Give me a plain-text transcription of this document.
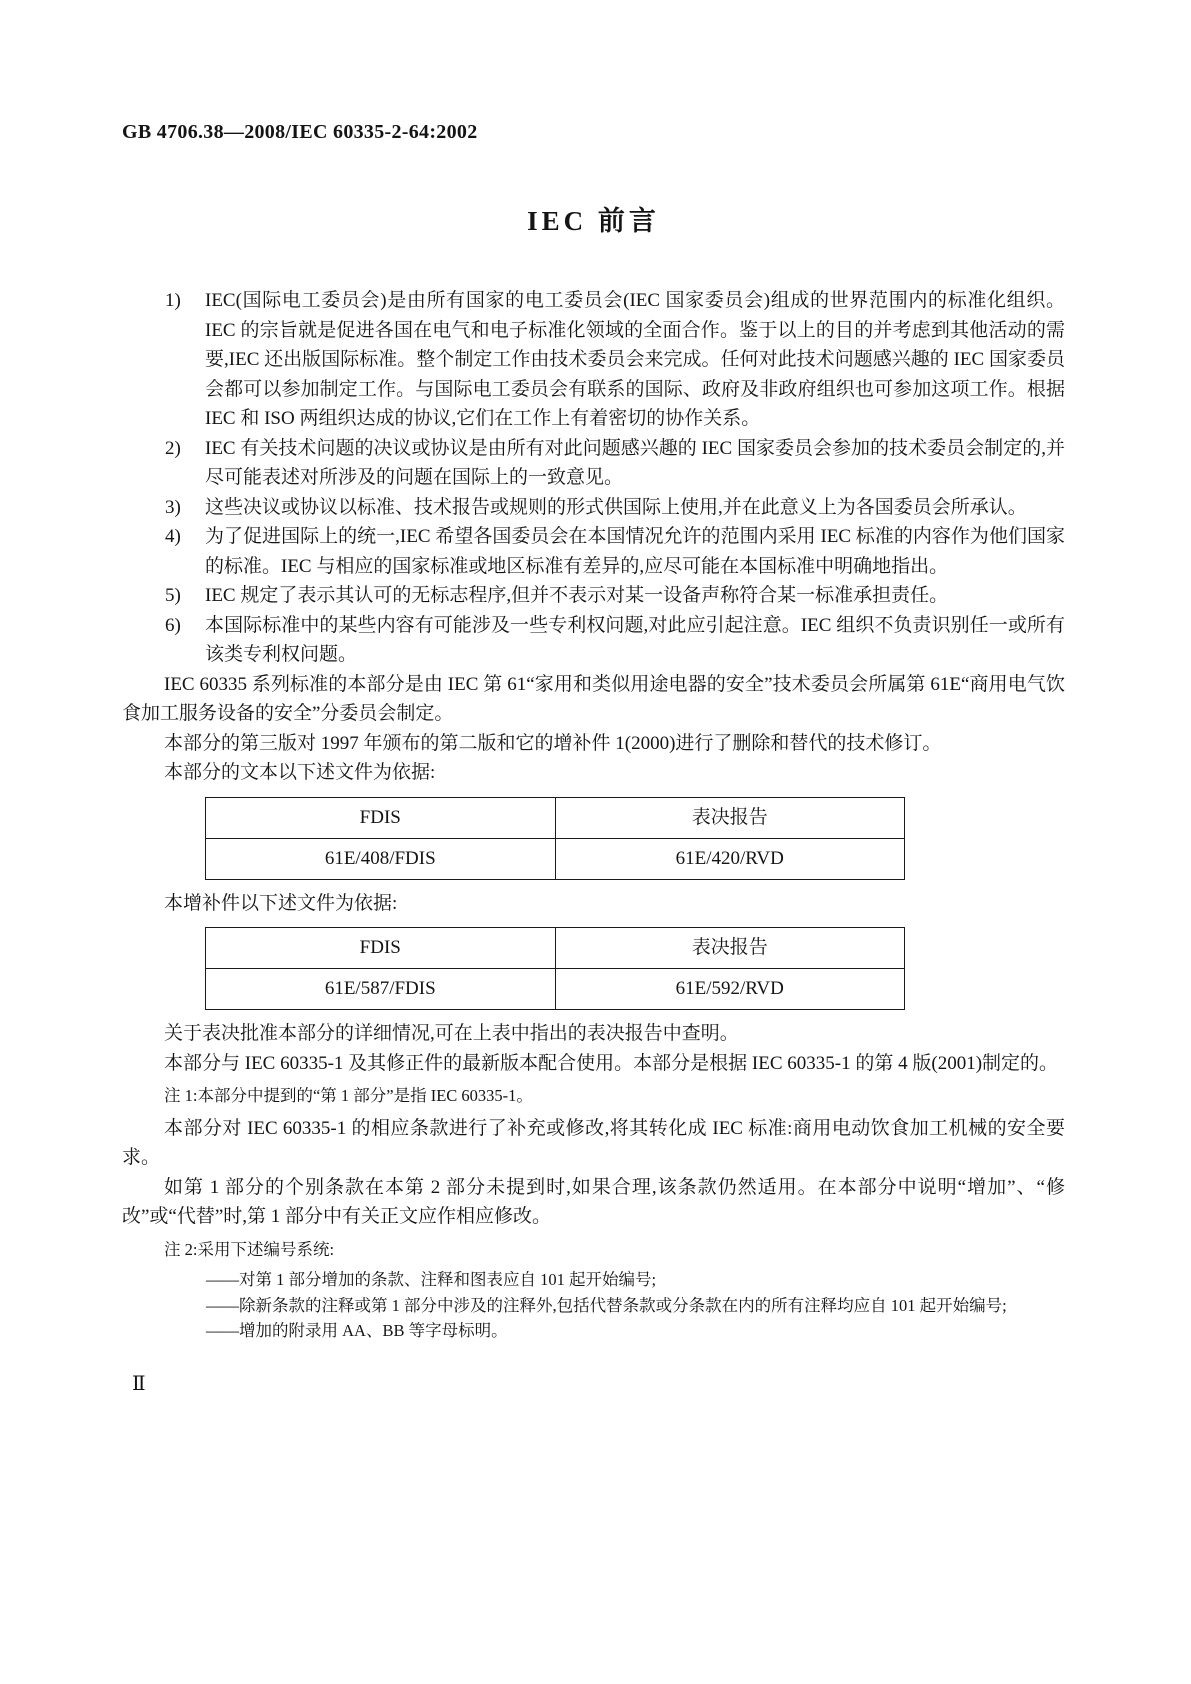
GB 4706.38—2008/IEC 60335-2-64:2002
IEC 前言
1)	IEC(国际电工委员会)是由所有国家的电工委员会(IEC 国家委员会)组成的世界范围内的标准化组织。IEC 的宗旨就是促进各国在电气和电子标准化领域的全面合作。鉴于以上的目的并考虑到其他活动的需要,IEC 还出版国际标准。整个制定工作由技术委员会来完成。任何对此技术问题感兴趣的 IEC 国家委员会都可以参加制定工作。与国际电工委员会有联系的国际、政府及非政府组织也可参加这项工作。根据 IEC 和 ISO 两组织达成的协议,它们在工作上有着密切的协作关系。
2)	IEC 有关技术问题的决议或协议是由所有对此问题感兴趣的 IEC 国家委员会参加的技术委员会制定的,并尽可能表述对所涉及的问题在国际上的一致意见。
3)	这些决议或协议以标准、技术报告或规则的形式供国际上使用,并在此意义上为各国委员会所承认。
4)	为了促进国际上的统一,IEC 希望各国委员会在本国情况允许的范围内采用 IEC 标准的内容作为他们国家的标准。IEC 与相应的国家标准或地区标准有差异的,应尽可能在本国标准中明确地指出。
5)	IEC 规定了表示其认可的无标志程序,但并不表示对某一设备声称符合某一标准承担责任。
6)	本国际标准中的某些内容有可能涉及一些专利权问题,对此应引起注意。IEC 组织不负责识别任一或所有该类专利权问题。

IEC 60335 系列标准的本部分是由 IEC 第 61“家用和类似用途电器的安全”技术委员会所属第 61E“商用电气饮食加工服务设备的安全”分委员会制定。

本部分的第三版对 1997 年颁布的第二版和它的增补件 1(2000)进行了删除和替代的技术修订。

本部分的文本以下述文件为依据:

FDIS	表决报告
61E/408/FDIS	61E/420/RVD

本增补件以下述文件为依据:

FDIS	表决报告
61E/587/FDIS	61E/592/RVD

关于表决批准本部分的详细情况,可在上表中指出的表决报告中查明。

本部分与 IEC 60335-1 及其修正件的最新版本配合使用。本部分是根据 IEC 60335-1 的第 4 版(2001)制定的。

注 1:本部分中提到的“第 1 部分”是指 IEC 60335-1。

本部分对 IEC 60335-1 的相应条款进行了补充或修改,将其转化成 IEC 标准:商用电动饮食加工机械的安全要求。

如第 1 部分的个别条款在本第 2 部分未提到时,如果合理,该条款仍然适用。在本部分中说明“增加”、“修改”或“代替”时,第 1 部分中有关正文应作相应修改。

注 2:采用下述编号系统:

—— 对第 1 部分增加的条款、注释和图表应自 101 起开始编号;
—— 除新条款的注释或第 1 部分中涉及的注释外,包括代替条款或分条款在内的所有注释均应自 101 起开始编号;
—— 增加的附录用 AA、BB 等字母标明。
Ⅱ
